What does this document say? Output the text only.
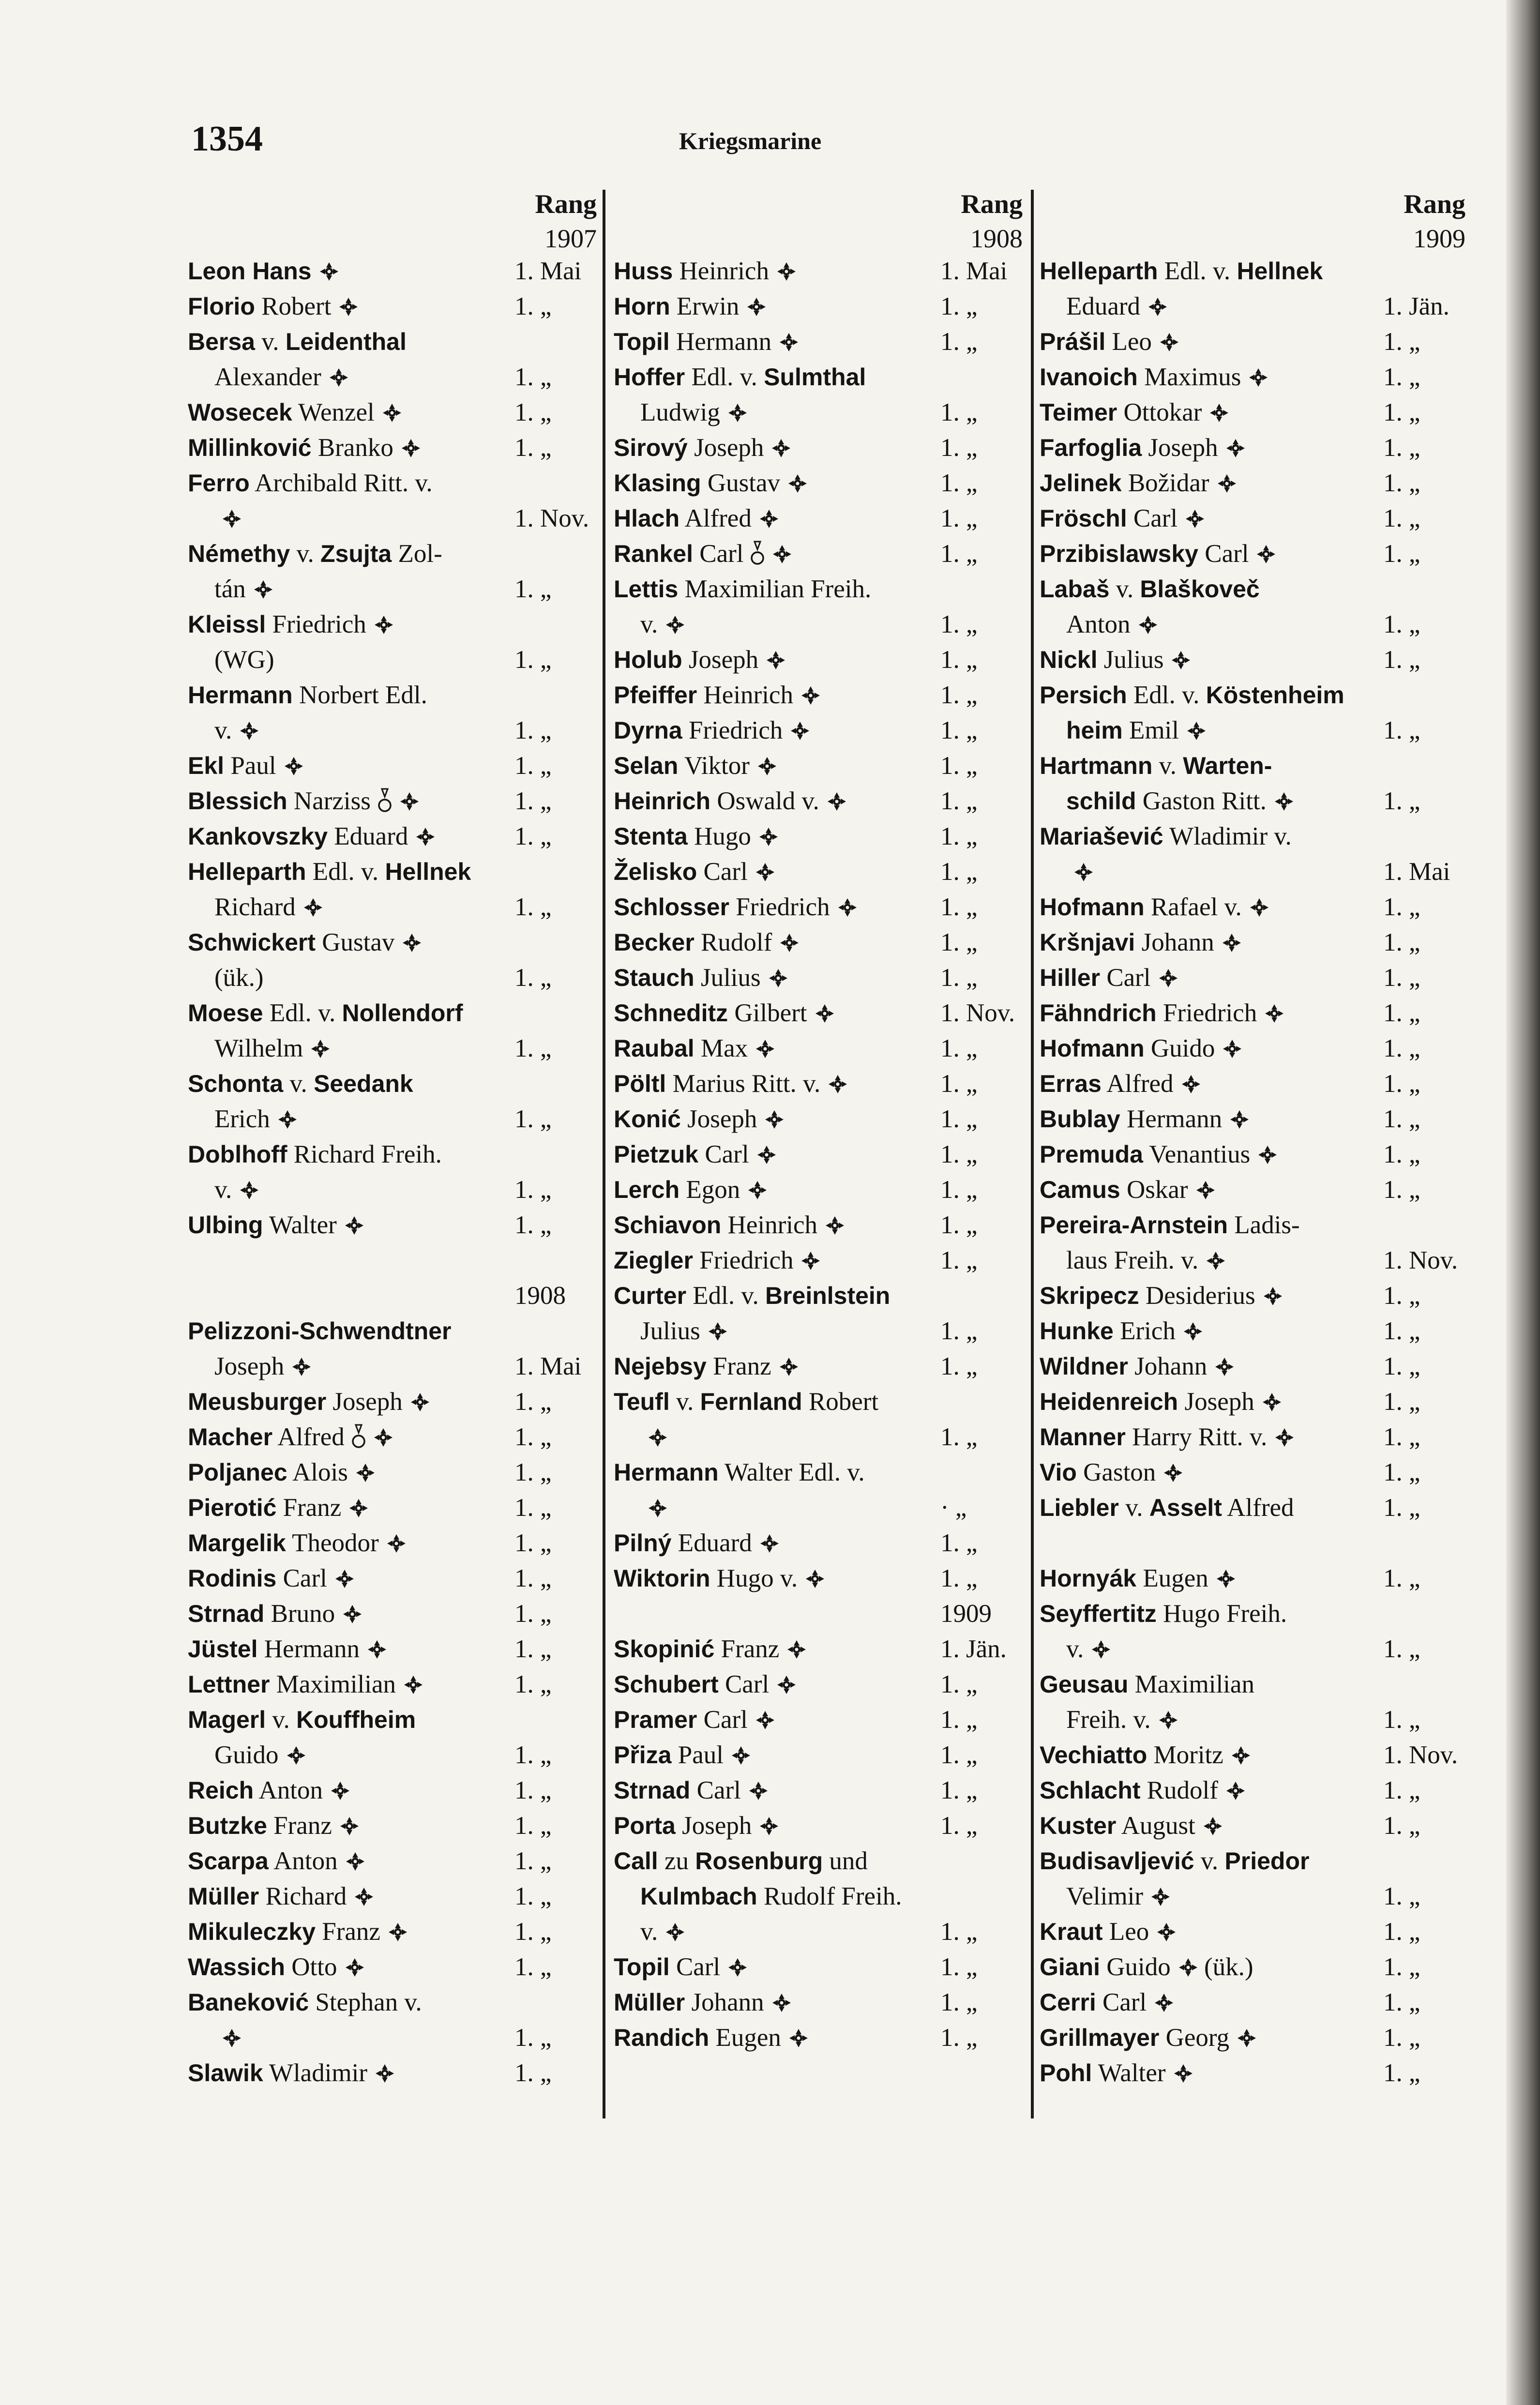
1354	Kriegsmarine
Rang
1907
Leon Hans	1. Mai
Florio Robert	1. „
Bersa v. Leidenthal
Alexander	1. „
Wosecek Wenzel	1. „
Millinković Branko	1. „
Ferro Archibald Ritt. v.
1. Nov.
Némethy v. Zsujta Zol-
tán	1. „
Kleissl Friedrich
(WG)	1. „
Hermann Norbert Edl.
v.	1. „
Ekl Paul	1. „
Blessich Narziss	1. „
Kankovszky Eduard	1. „
Helleparth Edl. v. Hellnek
Richard	1. „
Schwickert Gustav
(ük.)	1. „
Moese Edl. v. Nollendorf
Wilhelm	1. „
Schonta v. Seedank
Erich	1. „
Doblhoff Richard Freih.
v.	1. „
Ulbing Walter	1. „
1908
Pelizzoni-Schwendtner
Joseph	1. Mai
Meusburger Joseph	1. „
Macher Alfred	1. „
Poljanec Alois	1. „
Pierotić Franz	1. „
Margelik Theodor	1. „
Rodinis Carl	1. „
Strnad Bruno	1. „
Jüstel Hermann	1. „
Lettner Maximilian	1. „
Magerl v. Kouffheim
Guido	1. „
Reich Anton	1. „
Butzke Franz	1. „
Scarpa Anton	1. „
Müller Richard	1. „
Mikuleczky Franz	1. „
Wassich Otto	1. „
Baneković Stephan v.
1. „
Slawik Wladimir	1. „
Rang
1908
Huss Heinrich	1. Mai
Horn Erwin	1. „
Topil Hermann	1. „
Hoffer Edl. v. Sulmthal
Ludwig	1. „
Sirový Joseph	1. „
Klasing Gustav	1. „
Hlach Alfred	1. „
Rankel Carl	1. „
Lettis Maximilian Freih.
v.	1. „
Holub Joseph	1. „
Pfeiffer Heinrich	1. „
Dyrna Friedrich	1. „
Selan Viktor	1. „
Heinrich Oswald v.	1. „
Stenta Hugo	1. „
Želisko Carl	1. „
Schlosser Friedrich	1. „
Becker Rudolf	1. „
Stauch Julius	1. „
Schneditz Gilbert	1. Nov.
Raubal Max	1. „
Pöltl Marius Ritt. v.	1. „
Konić Joseph	1. „
Pietzuk Carl	1. „
Lerch Egon	1. „
Schiavon Heinrich	1. „
Ziegler Friedrich	1. „
Curter Edl. v. Breinlstein
Julius	1. „
Nejebsy Franz	1. „
Teufl v. Fernland Robert
1. „
Hermann Walter Edl. v.
· „
Pilný Eduard	1. „
Wiktorin Hugo v.	1. „
1909
Skopinić Franz	1. Jän.
Schubert Carl	1. „
Pramer Carl	1. „
Přiza Paul	1. „
Strnad Carl	1. „
Porta Joseph	1. „
Call zu Rosenburg und
Kulmbach Rudolf Freih.
v.	1. „
Topil Carl	1. „
Müller Johann	1. „
Randich Eugen	1. „
Rang
1909
Helleparth Edl. v. Hellnek
Eduard	1. Jän.
Prášil Leo	1. „
Ivanoich Maximus	1. „
Teimer Ottokar	1. „
Farfoglia Joseph	1. „
Jelinek Božidar	1. „
Fröschl Carl	1. „
Przibislawsky Carl	1. „
Labaš v. Blaškoveč
Anton	1. „
Nickl Julius	1. „
Persich Edl. v. Köstenheim
heim Emil	1. „
Hartmann v. Warten-
schild Gaston Ritt.	1. „
Mariašević Wladimir v.
1. Mai
Hofmann Rafael v.	1. „
Kršnjavi Johann	1. „
Hiller Carl	1. „
Fähndrich Friedrich	1. „
Hofmann Guido	1. „
Erras Alfred	1. „
Bublay Hermann	1. „
Premuda Venantius	1. „
Camus Oskar	1. „
Pereira-Arnstein Ladis-
laus Freih. v.	1. Nov.
Skripecz Desiderius	1. „
Hunke Erich	1. „
Wildner Johann	1. „
Heidenreich Joseph	1. „
Manner Harry Ritt. v.	1. „
Vio Gaston	1. „
Liebler v. Asselt Alfred	1. „
Hornyák Eugen	1. „
Seyffertitz Hugo Freih.
v.	1. „
Geusau Maximilian
Freih. v.	1. „
Vechiatto Moritz	1. Nov.
Schlacht Rudolf	1. „
Kuster August	1. „
Budisavljević v. Priedor
Velimir	1. „
Kraut Leo	1. „
Giani Guido (ük.)	1. „
Cerri Carl	1. „
Grillmayer Georg	1. „
Pohl Walter	1. „
